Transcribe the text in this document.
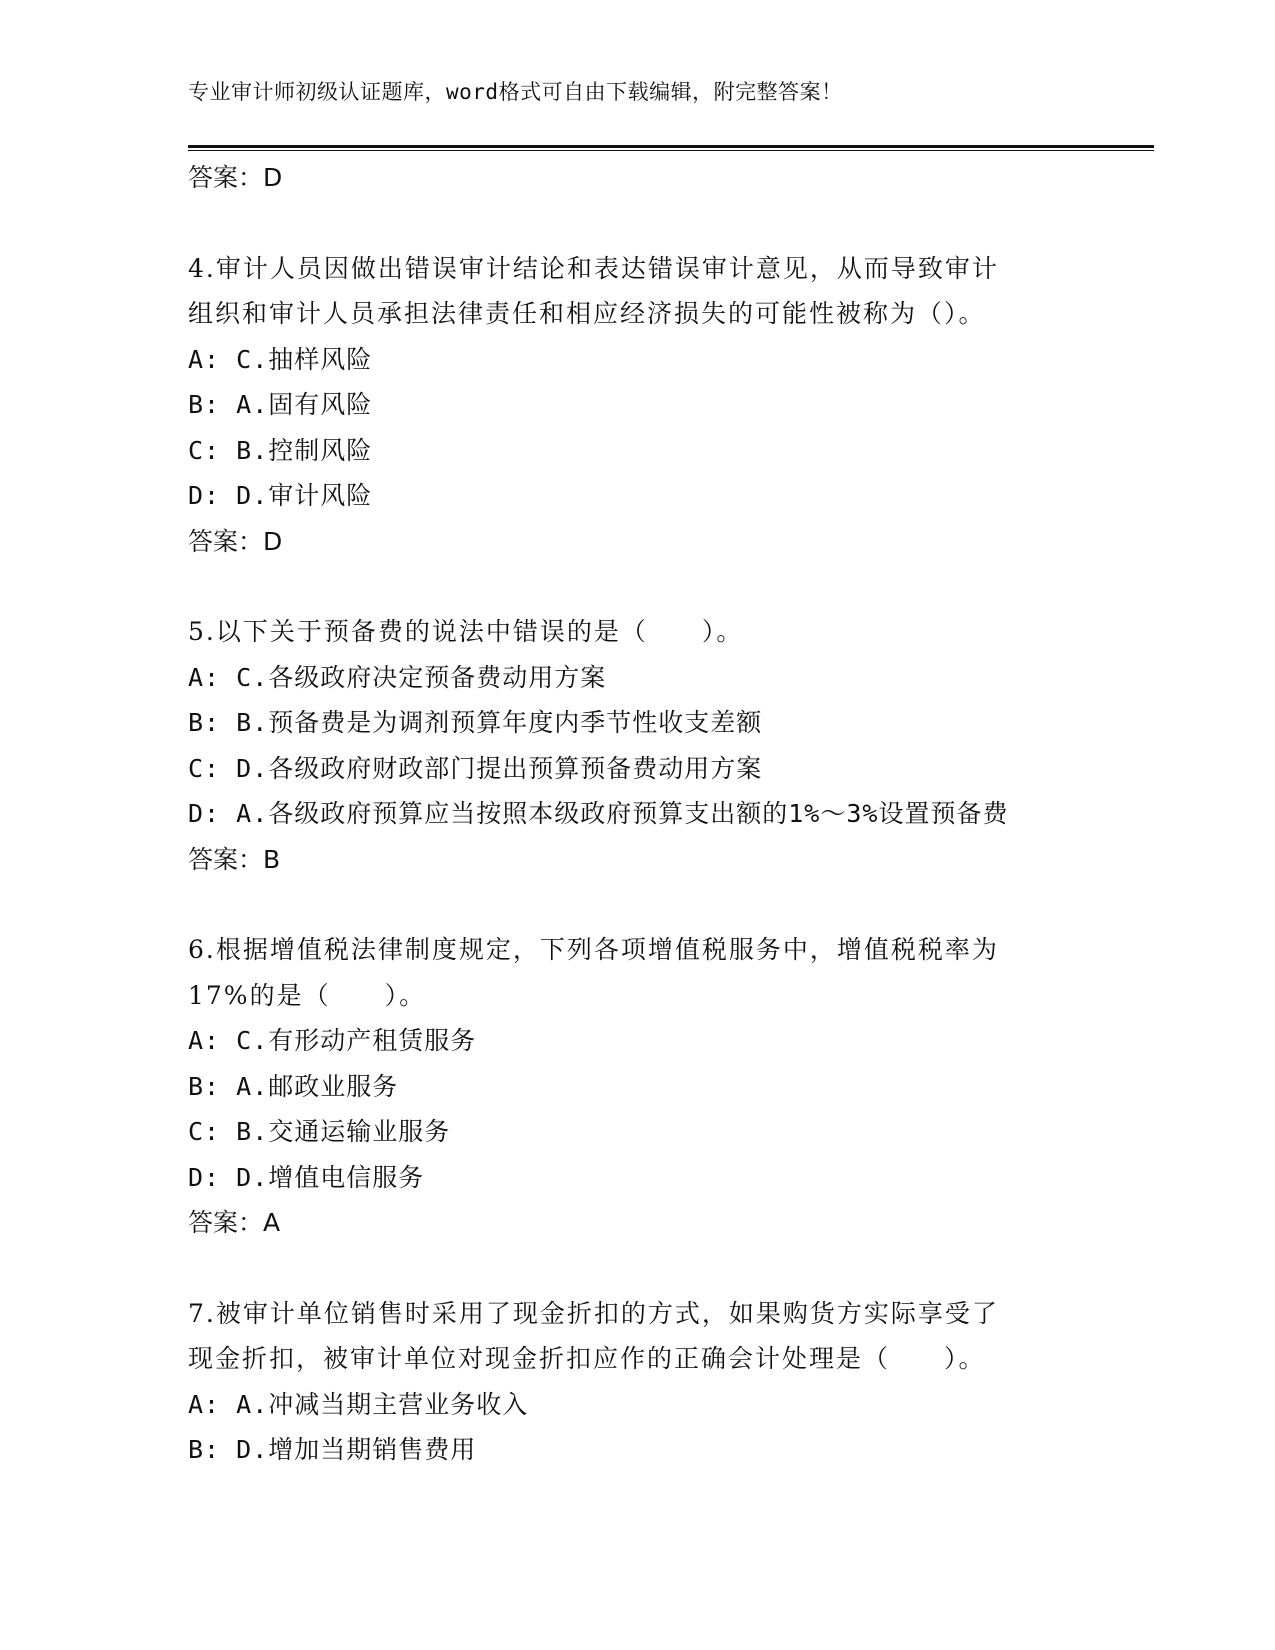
专业审计师初级认证题库，word格式可自由下载编辑，附完整答案！
答案：D
4.审计人员因做出错误审计结论和表达错误审计意见，从而导致审计
组织和审计人员承担法律责任和相应经济损失的可能性被称为（）。
A: C.抽样风险
B: A.固有风险
C: B.控制风险
D: D.审计风险
答案：D
5.以下关于预备费的说法中错误的是（　　）。
A: C.各级政府决定预备费动用方案
B: B.预备费是为调剂预算年度内季节性收支差额
C: D.各级政府财政部门提出预算预备费动用方案
D: A.各级政府预算应当按照本级政府预算支出额的1%～3%设置预备费
答案：B
6.根据增值税法律制度规定，下列各项增值税服务中，增值税税率为
17%的是（　　）。
A: C.有形动产租赁服务
B: A.邮政业服务
C: B.交通运输业服务
D: D.增值电信服务
答案：A
7.被审计单位销售时采用了现金折扣的方式，如果购货方实际享受了
现金折扣，被审计单位对现金折扣应作的正确会计处理是（　　）。
A: A.冲减当期主营业务收入
B: D.增加当期销售费用
